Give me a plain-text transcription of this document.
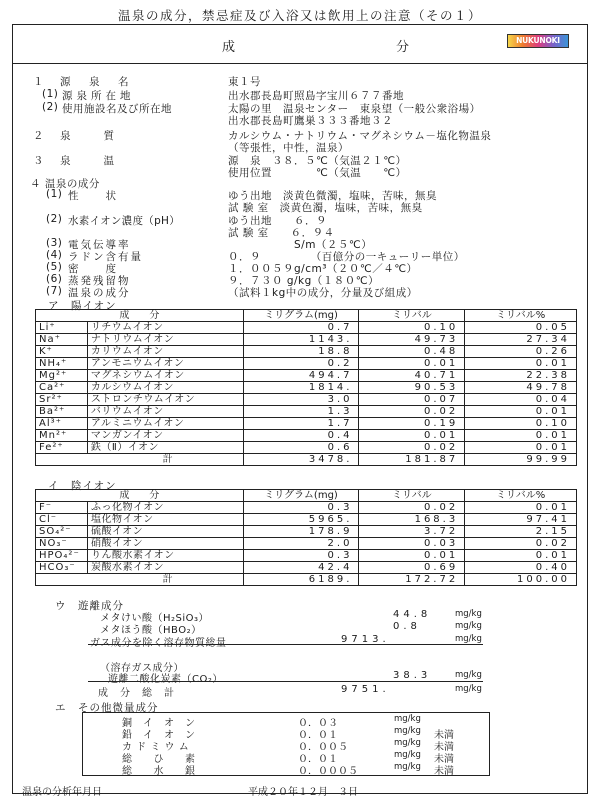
温泉の成分，禁忌症及び入浴又は飲用上の注意（その１）
成	分	NUKUNOKI
１ 源　泉　名	東１号
(1) 源泉所在地	出水郡長島町照島字宝川６７７番地
(2) 使用施設名及び所在地	太陽の里　温泉センター　東泉望（一般公衆浴場）
出水郡長島町鷹巣３３３番地３２
２ 泉　　質	カルシウム・ナトリウム・マグネシウム－塩化物温泉
（等張性，中性，温泉）
３ 泉　　温	源　泉　３８．５℃（気温２１℃）
使用位置　　　　℃（気温　　℃）
４ 温泉の成分
(1) 性　　状	ゆう出地　淡黄色微濁，塩味，苦味，無臭
試 験 室　淡黄色濁，塩味，苦味，無臭
(2) 水素イオン濃度（pH）	ゆう出地　　６．９
試 験 室　　６．９４
(3) 電気伝導率	　　　　　　S/m（２５℃）
(4) ラドン含有量	０．９　　　　　（百億分の一キューリー単位）
(5) 密　　度	１．００５９g/cm³（２０℃／４℃）
(6) 蒸発残留物	９．７３０ g/kg（１８０℃）
(7) 温泉の成分	（試料１kg中の成分，分量及び組成）
ア　陽イオン
成　　分		ミリグラム(mg)	ミリバル	ミリバル%
Li⁺	リチウムイオン	0.7	0.10	0.05
Na⁺	ナトリウムイオン	1143.	49.73	27.34
K⁺	カリウムイオン	18.8	0.48	0.26
NH₄⁺	アンモニウムイオン	0.2	0.01	0.01
Mg²⁺	マグネシウムイオン	494.7	40.71	22.38
Ca²⁺	カルシウムイオン	1814.	90.53	49.78
Sr²⁺	ストロンチウムイオン	3.0	0.07	0.04
Ba²⁺	バリウムイオン	1.3	0.02	0.01
Al³⁺	アルミニウムイオン	1.7	0.19	0.10
Mn²⁺	マンガンイオン	0.4	0.01	0.01
Fe²⁺	鉄（Ⅱ）イオン	0.6	0.02	0.01
計		3478.	181.87	99.99
イ　陰イオン
成　　分		ミリグラム(mg)	ミリバル	ミリバル%
F⁻	ふっ化物イオン	0.3	0.02	0.01
Cl⁻	塩化物イオン	5965.	168.3	97.41
SO₄²⁻	硫酸イオン	178.9	3.72	2.15
NO₃⁻	硝酸イオン	2.0	0.03	0.02
HPO₄²⁻	りん酸水素イオン	0.3	0.01	0.01
HCO₃⁻	炭酸水素イオン	42.4	0.69	0.40
計		6189.	172.72	100.00
ウ　遊離成分
メタけい酸（H₂SiO₃）	44.8	mg/kg
メタほう酸（HBO₂）	0.8	mg/kg
ガス成分を除く溶存物質総量	9713.	mg/kg
（溶存ガス成分）
遊離二酸化炭素（CO₂）	38.3	mg/kg
成　分　総　計	9751.	mg/kg
エ　その他微量成分
銅　イ　オ　ン	０．０３	mg/kg
鉛　イ　オ　ン	０．０１	mg/kg 未満
カ ド ミ ウ ム	０．００５	mg/kg 未満
総　　ひ　　素	０．０１	mg/kg 未満
総　　水　　銀	０．０００５	mg/kg 未満
温泉の分析年月日	平成２０年１２月　３日
